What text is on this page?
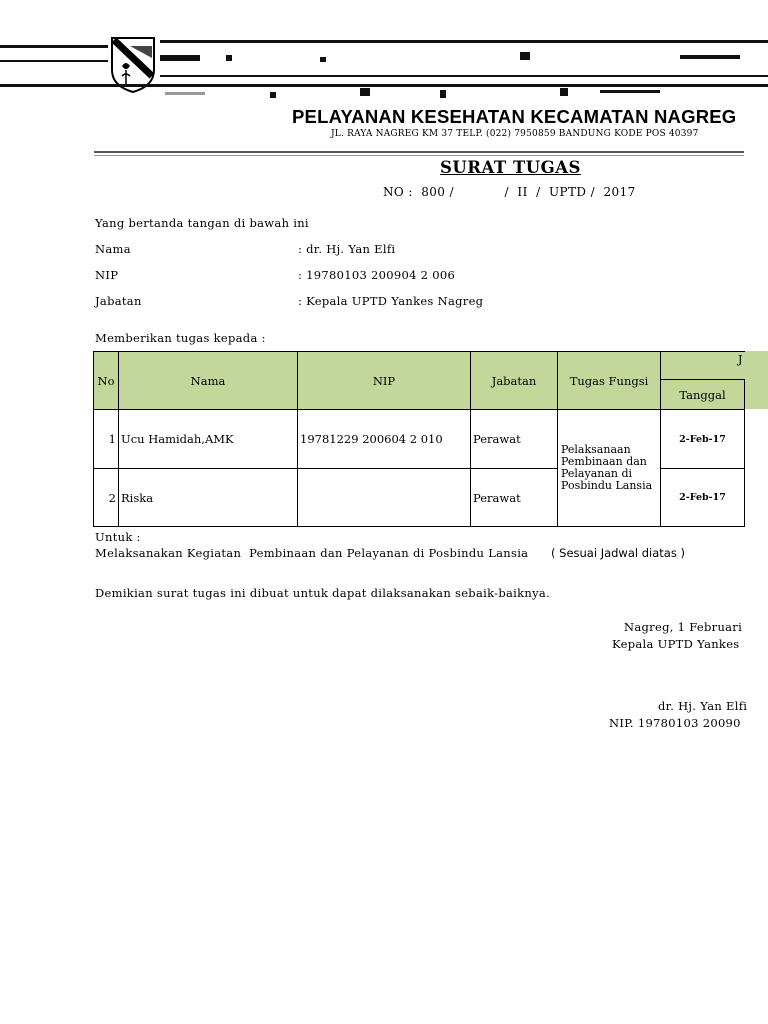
PELAYANAN KESEHATAN KECAMATAN NAGREG
JL. RAYA NAGREG KM 37 TELP. (022) 7950859 BANDUNG KODE POS 40397
SURAT TUGAS
NO :  800 /            /  II  /  UPTD /  2017
Yang bertanda tangan di bawah ini
Nama	: dr. Hj. Yan Elfi
NIP	: 19780103 200904 2 006
Jabatan	: Kepala UPTD Yankes Nagreg
Memberikan tugas kepada :
No	Nama	NIP	Jabatan	Tugas Fungsi	J
					Tanggal
1	Ucu Hamidah,AMK	19781229 200604 2 010	Perawat	Pelaksanaan Pembinaan dan Pelayanan di Posbindu Lansia	2-Feb-17
2	Riska		Perawat		2-Feb-17
Untuk :
Melaksanakan Kegiatan  Pembinaan dan Pelayanan di Posbindu Lansia ( Sesuai Jadwal diatas )
Demikian surat tugas ini dibuat untuk dapat dilaksanakan sebaik-baiknya.
Nagreg, 1 Februari
Kepala UPTD Yankes
dr. Hj. Yan Elfi
NIP. 19780103 20090
